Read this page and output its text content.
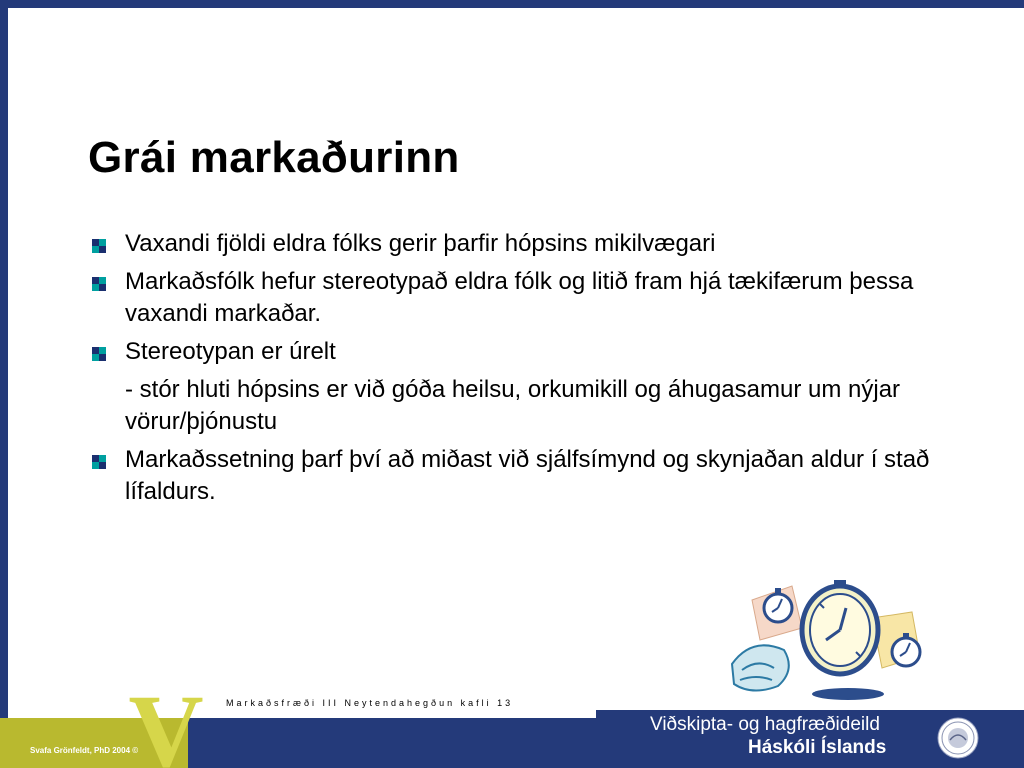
Grái markaðurinn
Vaxandi fjöldi eldra fólks gerir þarfir hópsins mikilvægari
Markaðsfólk hefur stereotypað eldra fólk og litið fram hjá tækifærum þessa vaxandi markaðar.
Stereotypan er úrelt
- stór hluti hópsins er við góða heilsu, orkumikill og áhugasamur um nýjar vörur/þjónustu
Markaðssetning þarf því að miðast við sjálfsímynd og skynjaðan aldur í stað lífaldurs.
Markaðsfræði III Neytendahegðun kafli 13
V
Svafa Grönfeldt, PhD 2004 ©
Viðskipta- og hagfræðideild
Háskóli Íslands
